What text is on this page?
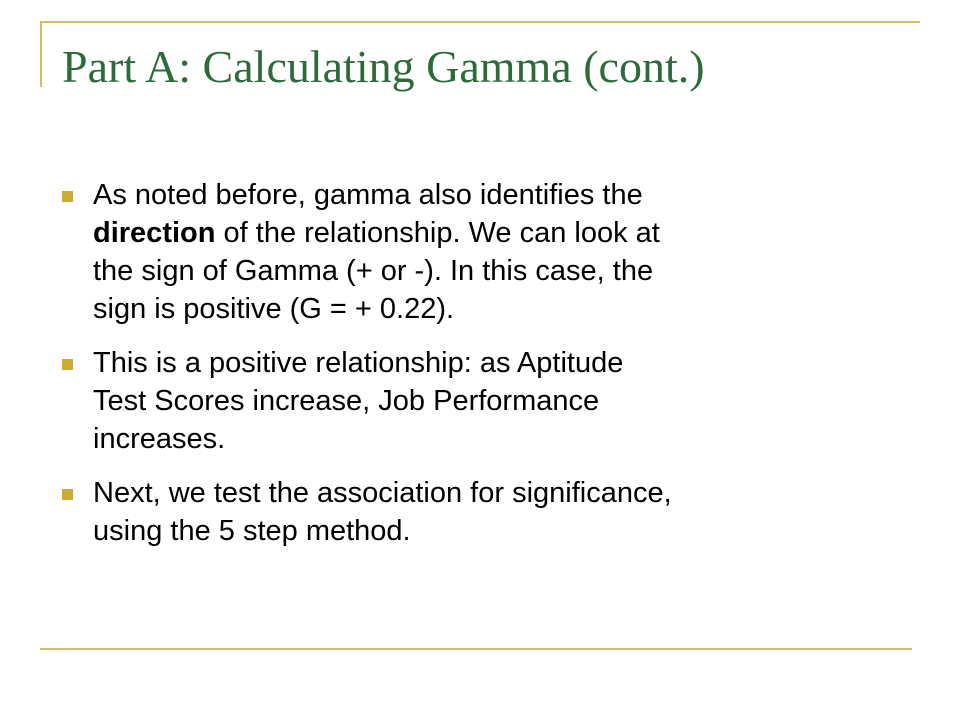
Part A: Calculating Gamma (cont.)
As noted before, gamma also identifies the
direction of the relationship. We can look at
the sign of Gamma (+ or -). In this case, the
sign is positive (G = + 0.22).
This is a positive relationship: as Aptitude
Test Scores increase, Job Performance
increases.
Next, we test the association for significance,
using the 5 step method.
